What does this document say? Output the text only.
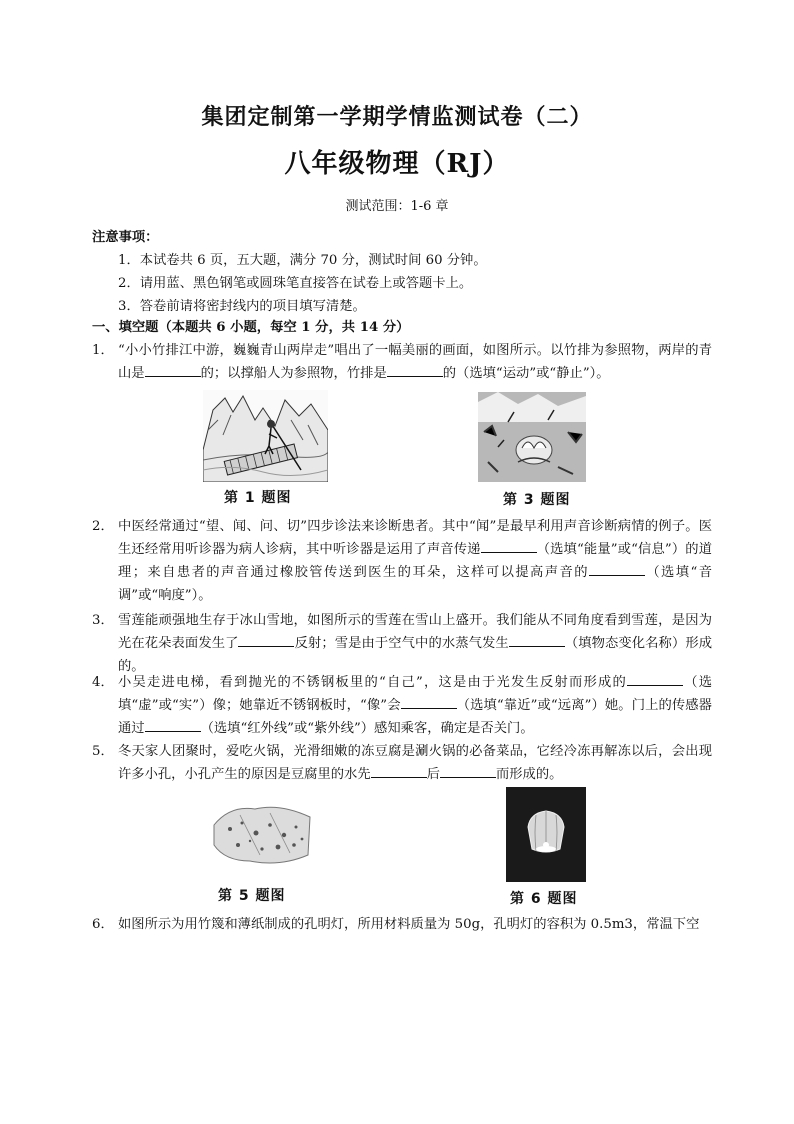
集团定制第一学期学情监测试卷（二）
八年级物理（RJ）
测试范围：1-6 章
注意事项：
1．本试卷共 6 页，五大题，满分 70 分，测试时间 60 分钟。
2．请用蓝、黑色钢笔或圆珠笔直接答在试卷上或答题卡上。
3．答卷前请将密封线内的项目填写清楚。
一、填空题（本题共 6 小题，每空 1 分，共 14 分）
1． “小小竹排江中游，巍巍青山两岸走”唱出了一幅美丽的画面，如图所示。以竹排为参照物，两岸的青山是	的；以撑船人为参照物，竹排是	的（选填“运动”或“静止”）。
第 1 题图	第 3 题图
2． 中医经常通过“望、闻、问、切”四步诊法来诊断患者。其中“闻”是最早利用声音诊断病情的例子。医生还经常用听诊器为病人诊病，其中听诊器是运用了声音传递	（选填“能量”或“信息”）的道理；来自患者的声音通过橡胶管传送到医生的耳朵，这样可以提高声音的	（选填“音调”或“响度”）。
3． 雪莲能顽强地生存于冰山雪地，如图所示的雪莲在雪山上盛开。我们能从不同角度看到雪莲，是因为光在花朵表面发生了	反射；雪是由于空气中的水蒸气发生	（填物态变化名称）形成的。
4． 小吴走进电梯，看到抛光的不锈钢板里的“自己”，这是由于光发生反射而形成的	（选填“虚”或“实”）像；她靠近不锈钢板时，“像”会	（选填“靠近”或“远离”）她。门上的传感器通过	（选填“红外线”或“紫外线”）感知乘客，确定是否关门。
5． 冬天家人团聚时，爱吃火锅，光滑细嫩的冻豆腐是涮火锅的必备菜品，它经冷冻再解冻以后，会出现许多小孔，小孔产生的原因是豆腐里的水先	后	而形成的。
第 5 题图	第 6 题图
6． 如图所示为用竹篾和薄纸制成的孔明灯，所用材料质量为 50g，孔明灯的容积为 0.5m3，常温下空
